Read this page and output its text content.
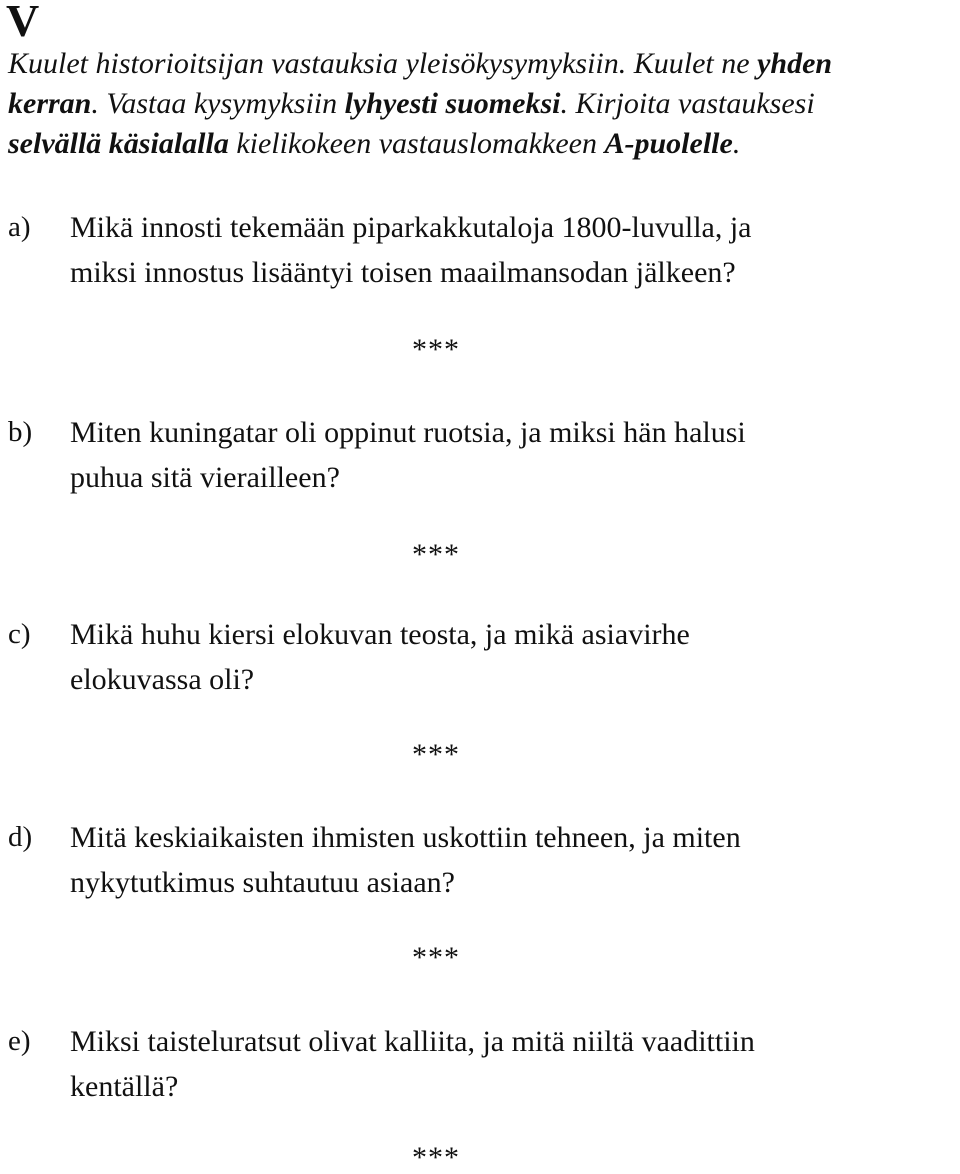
V
Kuulet historioitsijan vastauksia yleisökysymyksiin. Kuulet ne yhden
kerran. Vastaa kysymyksiin lyhyesti suomeksi. Kirjoita vastauksesi
selvällä käsialalla kielikokeen vastauslomakkeen A-puolelle.
a) Mikä innosti tekemään piparkakkutaloja 1800-luvulla, ja
miksi innostus lisääntyi toisen maailmansodan jälkeen?
***
b) Miten kuningatar oli oppinut ruotsia, ja miksi hän halusi
puhua sitä vierailleen?
***
c) Mikä huhu kiersi elokuvan teosta, ja mikä asiavirhe
elokuvassa oli?
***
d) Mitä keskiaikaisten ihmisten uskottiin tehneen, ja miten
nykytutkimus suhtautuu asiaan?
***
e) Miksi taisteluratsut olivat kalliita, ja mitä niiltä vaadittiin
kentällä?
***
